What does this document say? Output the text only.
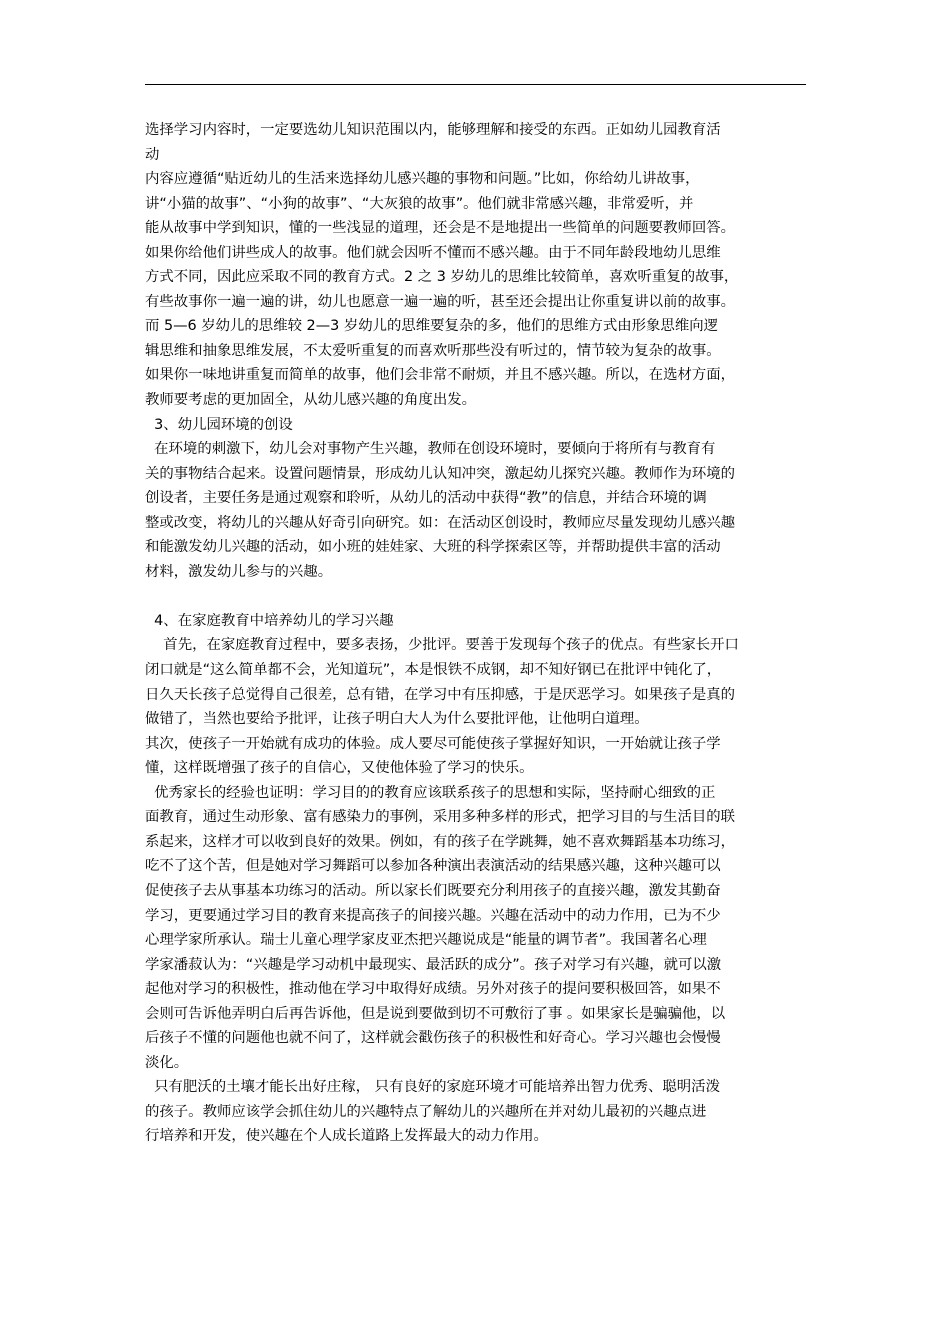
选择学习内容时，一定要选幼儿知识范围以内，能够理解和接受的东西。正如幼儿园教育活
动
内容应遵循“贴近幼儿的生活来选择幼儿感兴趣的事物和问题。”比如，你给幼儿讲故事，
讲“小猫的故事”、“小狗的故事”、“大灰狼的故事”。他们就非常感兴趣，非常爱听，并
能从故事中学到知识，懂的一些浅显的道理，还会是不是地提出一些简单的问题要教师回答。
如果你给他们讲些成人的故事。他们就会因听不懂而不感兴趣。由于不同年龄段地幼儿思维
方式不同，因此应采取不同的教育方式。2 之 3 岁幼儿的思维比较简单，喜欢听重复的故事，
有些故事你一遍一遍的讲，幼儿也愿意一遍一遍的听，甚至还会提出让你重复讲以前的故事。
而 5—6 岁幼儿的思维较 2—3 岁幼儿的思维要复杂的多，他们的思维方式由形象思维向逻
辑思维和抽象思维发展，不太爱听重复的而喜欢听那些没有听过的，情节较为复杂的故事。
如果你一味地讲重复而简单的故事，他们会非常不耐烦，并且不感兴趣。所以，在选材方面，
教师要考虑的更加固全，从幼儿感兴趣的角度出发。
3、幼儿园环境的创设
在环境的刺激下，幼儿会对事物产生兴趣，教师在创设环境时，要倾向于将所有与教育有
关的事物结合起来。设置问题情景，形成幼儿认知冲突，激起幼儿探究兴趣。教师作为环境的
创设者，主要任务是通过观察和聆听，从幼儿的活动中获得“教”的信息，并结合环境的调
整或改变，将幼儿的兴趣从好奇引向研究。如：在活动区创设时，教师应尽量发现幼儿感兴趣
和能激发幼儿兴趣的活动，如小班的娃娃家、大班的科学探索区等，并帮助提供丰富的活动
材料，激发幼儿参与的兴趣。
4、在家庭教育中培养幼儿的学习兴趣
首先，在家庭教育过程中，要多表扬，少批评。要善于发现每个孩子的优点。有些家长开口
闭口就是“这么简单都不会，光知道玩”，本是恨铁不成钢，却不知好钢已在批评中钝化了，
日久天长孩子总觉得自己很差，总有错，在学习中有压抑感，于是厌恶学习。如果孩子是真的
做错了，当然也要给予批评，让孩子明白大人为什么要批评他，让他明白道理。
其次，使孩子一开始就有成功的体验。成人要尽可能使孩子掌握好知识，一开始就让孩子学
懂，这样既增强了孩子的自信心，又使他体验了学习的快乐。
优秀家长的经验也证明：学习目的的教育应该联系孩子的思想和实际，坚持耐心细致的正
面教育，通过生动形象、富有感染力的事例，采用多种多样的形式，把学习目的与生活目的联
系起来，这样才可以收到良好的效果。例如，有的孩子在学跳舞，她不喜欢舞蹈基本功练习，
吃不了这个苦，但是她对学习舞蹈可以参加各种演出表演活动的结果感兴趣，这种兴趣可以
促使孩子去从事基本功练习的活动。所以家长们既要充分利用孩子的直接兴趣，激发其勤奋
学习，更要通过学习目的教育来提高孩子的间接兴趣。兴趣在活动中的动力作用，已为不少
心理学家所承认。瑞士儿童心理学家皮亚杰把兴趣说成是“能量的调节者”。我国著名心理
学家潘菽认为：“兴趣是学习动机中最现实、最活跃的成分”。孩子对学习有兴趣，就可以激
起他对学习的积极性，推动他在学习中取得好成绩。另外对孩子的提问要积极回答，如果不
会则可告诉他弄明白后再告诉他，但是说到要做到切不可敷衍了事 。如果家长是骗骗他，以
后孩子不懂的问题他也就不问了，这样就会戳伤孩子的积极性和好奇心。学习兴趣也会慢慢
淡化。
只有肥沃的土壤才能长出好庄稼， 只有良好的家庭环境才可能培养出智力优秀、聪明活泼
的孩子。教师应该学会抓住幼儿的兴趣特点了解幼儿的兴趣所在并对幼儿最初的兴趣点进
行培养和开发，使兴趣在个人成长道路上发挥最大的动力作用。
